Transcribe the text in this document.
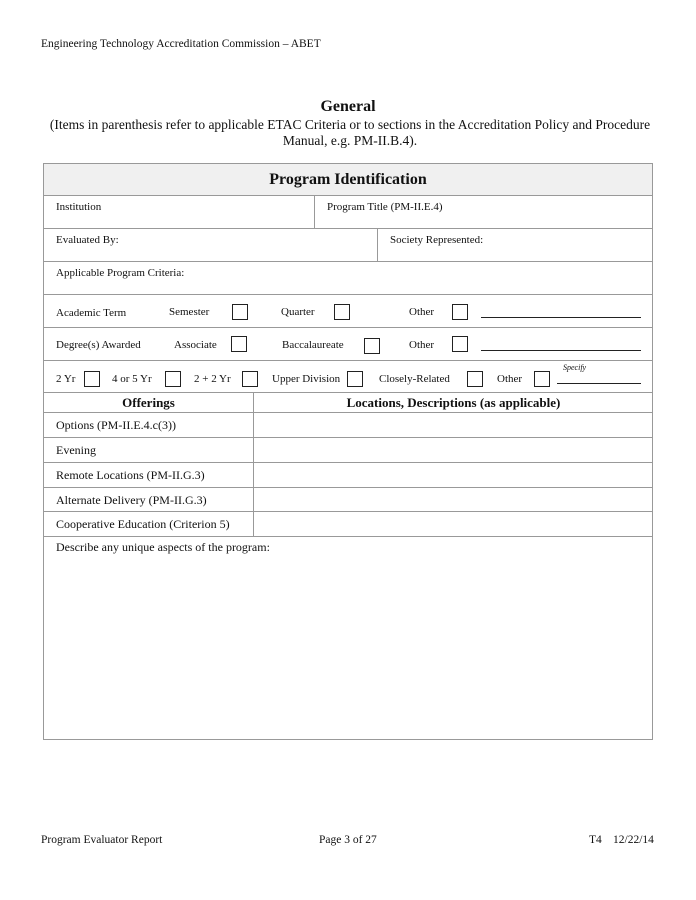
Engineering Technology Accreditation Commission – ABET
General
(Items in parenthesis refer to applicable ETAC Criteria or to sections in the Accreditation Policy and Procedure
Manual, e.g. PM-II.B.4).
Program Identification
Institution	Program Title (PM-II.E.4)
Evaluated By:	Society Represented:
Applicable Program Criteria:
Academic Term	Semester	Quarter	Other
Degree(s) Awarded	Associate	Baccalaureate	Other
2 Yr	4 or 5 Yr	2 + 2 Yr	Upper Division	Closely-Related	Other
Specify
Offerings	Locations, Descriptions (as applicable)
Options (PM-II.E.4.c(3))
Evening
Remote Locations (PM-II.G.3)
Alternate Delivery (PM-II.G.3)
Cooperative Education (Criterion 5)
Describe any unique aspects of the program:
Program Evaluator Report	Page 3 of 27	T4 12/22/14
